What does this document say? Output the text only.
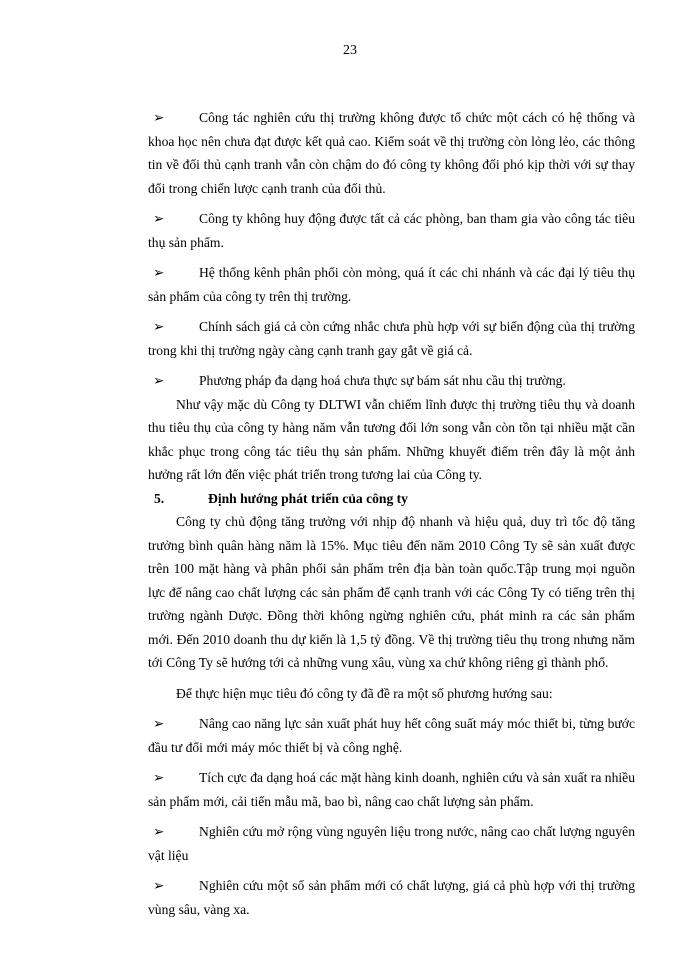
23

➢	Công tác nghiên cứu thị trường không được tổ chức một cách có hệ thống và khoa học nên chưa đạt được kết quả cao. Kiểm soát về thị trường còn lỏng lẻo, các thông tin về đối thủ cạnh tranh vẫn còn chậm do đó công ty không đối phó kịp thời với sự thay đổi trong chiến lược cạnh tranh của đối thủ.

➢	Công ty không huy động được tất cả các phòng, ban tham gia vào công tác tiêu thụ sản phẩm.

➢	Hệ thống kênh phân phối còn mỏng, quá ít các chi nhánh và các đại lý tiêu thụ sản phẩm của công ty trên thị trường.

➢	Chính sách giá cả còn cứng nhắc chưa phù hợp với sự biến động của thị trường trong khi thị trường ngày càng cạnh tranh gay gắt về giá cả.

➢	Phương pháp đa dạng hoá chưa thực sự bám sát nhu cầu thị trường.

Như vậy mặc dù Công ty DLTWI vẫn chiếm lĩnh được thị trường tiêu thụ và doanh thu tiêu thụ của công ty hàng năm vẫn tương đối lớn song vẫn còn tồn tại nhiều mặt cần khắc phục trong công tác tiêu thụ sản phẩm. Những khuyết điểm trên đây là một ảnh hưởng rất lớn đến việc phát triển trong tương lai của Công ty.

5.	Định hướng phát triển của công ty

Công ty chủ động tăng trưởng với nhịp độ nhanh và hiệu quả, duy trì tốc độ tăng trưởng bình quân hàng năm là 15%. Mục tiêu đến năm 2010 Công Ty sẽ sản xuất được trên 100 mặt hàng và phân phối sản phẩm trên địa bàn toàn quốc.Tập trung mọi nguồn lực để nâng cao chất lượng các sản phẩm để cạnh tranh với các Công Ty có tiếng trên thị trường ngành Dược. Đồng thời không ngừng nghiên cứu, phát minh ra các sản phẩm mới. Đến 2010 doanh thu dự kiến là 1,5 tỷ đồng. Về thị trường tiêu thụ trong nhưng năm tới Công Ty sẽ hướng tới cả những vung xâu, vùng xa chứ không riêng gì thành phố.

Để thực hiện mục tiêu đó công ty đã đề ra một số phương hướng sau:

➢	Nâng cao năng lực sản xuất phát huy hết công suất máy móc thiết bi, từng bước đầu tư đổi mới máy móc thiết bị và công nghệ.

➢	Tích cực đa dạng hoá các mặt hàng kinh doanh, nghiên cứu và sản xuất ra nhiều sản phẩm mới, cải tiến mẫu mã, bao bì, nâng cao chất lượng sản phẩm.

➢	Nghiên cứu mở rộng vùng nguyên liệu trong nước, nâng cao chất lượng nguyên vật liệu

➢	Nghiên cứu một số sản phẩm mới có chất lượng, giá cả phù hợp với thị trường vùng sâu, vàng xa.
